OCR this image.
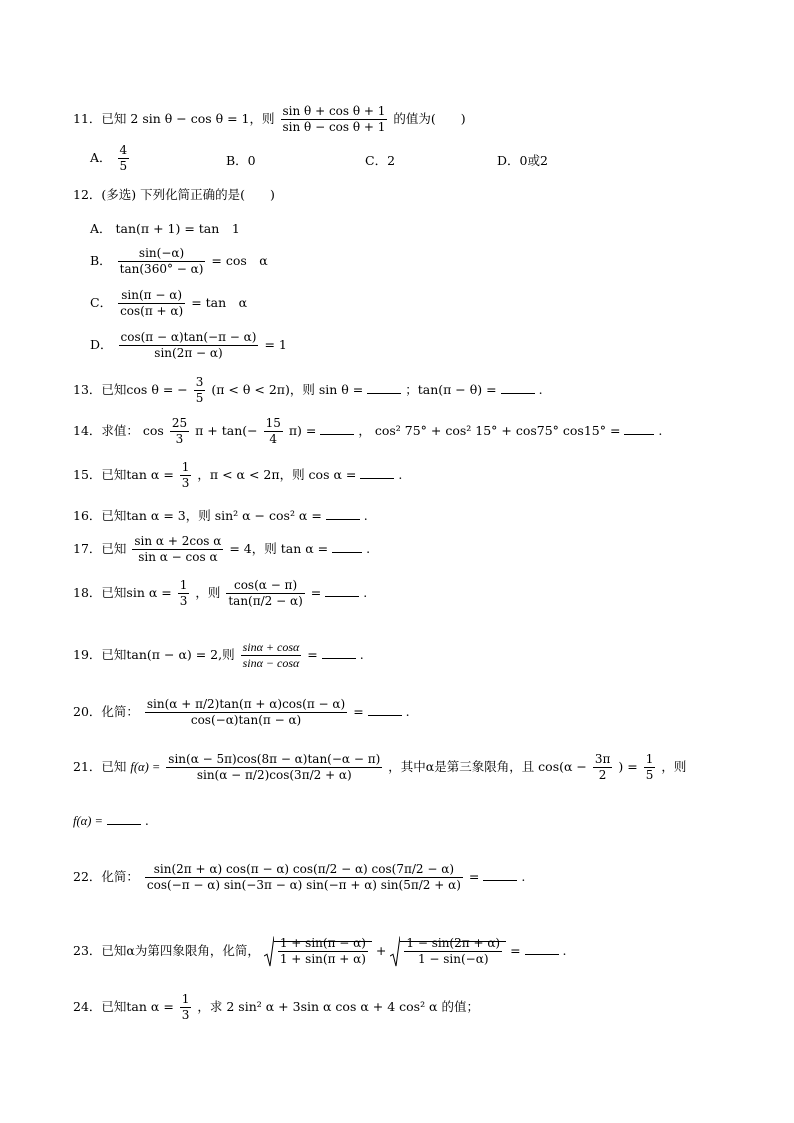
11．已知 2 sin θ − cos θ = 1，则 $\frac{\text{sin θ + cos θ + 1}}{\text{sin θ − cos θ + 1}}$ 的值为(　　)
A． $\frac{4}{5}$	B．0	C．2	D．0或2
12．(多选) 下列化简正确的是(　　)
A． tan(π + 1) = tan　1
B． $\frac{\sin(-\alpha)}{\tan(360^\circ - \alpha)} = \cos$　α
C． $\frac{\sin(\pi - \alpha)}{\cos(\pi + \alpha)} = \tan$　α
D． $\frac{\cos(\pi - \alpha)\tan(-\pi - \alpha)}{\sin(2\pi - \alpha)} = 1$
13．已知cos θ = − $\frac{3}{5} (\pi < \theta < 2\pi)$，则 sin θ =	；tan(π − θ) =	.
14．求值： $\cos \frac{25}{3}$ $\pi + \tan(- \frac{15}{4} \pi)$ =	， cos² 75° + cos² 15° + cos75° cos15° =	.
15．已知$\tan \alpha = \frac{1}{3}$ ，π < α < 2π，则 cos α =	.
16．已知tan α = 3，则 sin² α − cos² α =	.
17．已知 $\frac{\text{sin α + 2cos α}}{\text{sin α − cos α}} = 4$，则 tan α =	.
18．已知$\sin \alpha = \frac{1}{3}$ ，则 $\frac{\cos(\alpha - \pi)}{\tan(\pi/2 - \alpha)}$ =	.
19．已知tan(π − α) = 2,则 $\frac{\sin\alpha + \cos\alpha}{\sin\alpha - \cos\alpha}$ =	.
20．化简： $\frac{\sin(\alpha + \pi/2)\tan(\pi + \alpha)\cos(\pi - \alpha)}{\cos(-\alpha)\tan(\pi - \alpha)}$ =	.
21．已知 $f(\alpha) = \frac{\sin(\alpha - 5\pi)\cos(8\pi - \alpha)\tan(-\alpha - \pi)}{\sin(\alpha - \pi/2)\cos(3\pi/2 + \alpha)}$ ，其中α是第三象限角，且 $\cos(\alpha - \frac{3\pi}{2}$ ) = $\frac{1}{5}$ ，则
f(α) =	.
22．化简： $\frac{\sin(2\pi + \alpha) \cos(\pi - \alpha) \cos(\pi/2 - \alpha) \cos(7\pi/2 - \alpha)}{\cos(-\pi - \alpha) \sin(-3\pi - \alpha) \sin(-\pi + \alpha) \sin(5\pi/2 + \alpha)}$ =	.
23．已知α为第四象限角，化简， $\frac{1 + \sin(\pi - \alpha)}{1 + \sin(\pi + \alpha)} + \frac{1 - \sin(2\pi + \alpha)}{1 - \sin(-\alpha)}$ =	.
24．已知$\tan \alpha = \frac{1}{3}$ ，求 2 sin² α + 3sin α cos α + 4 cos² α 的值；
